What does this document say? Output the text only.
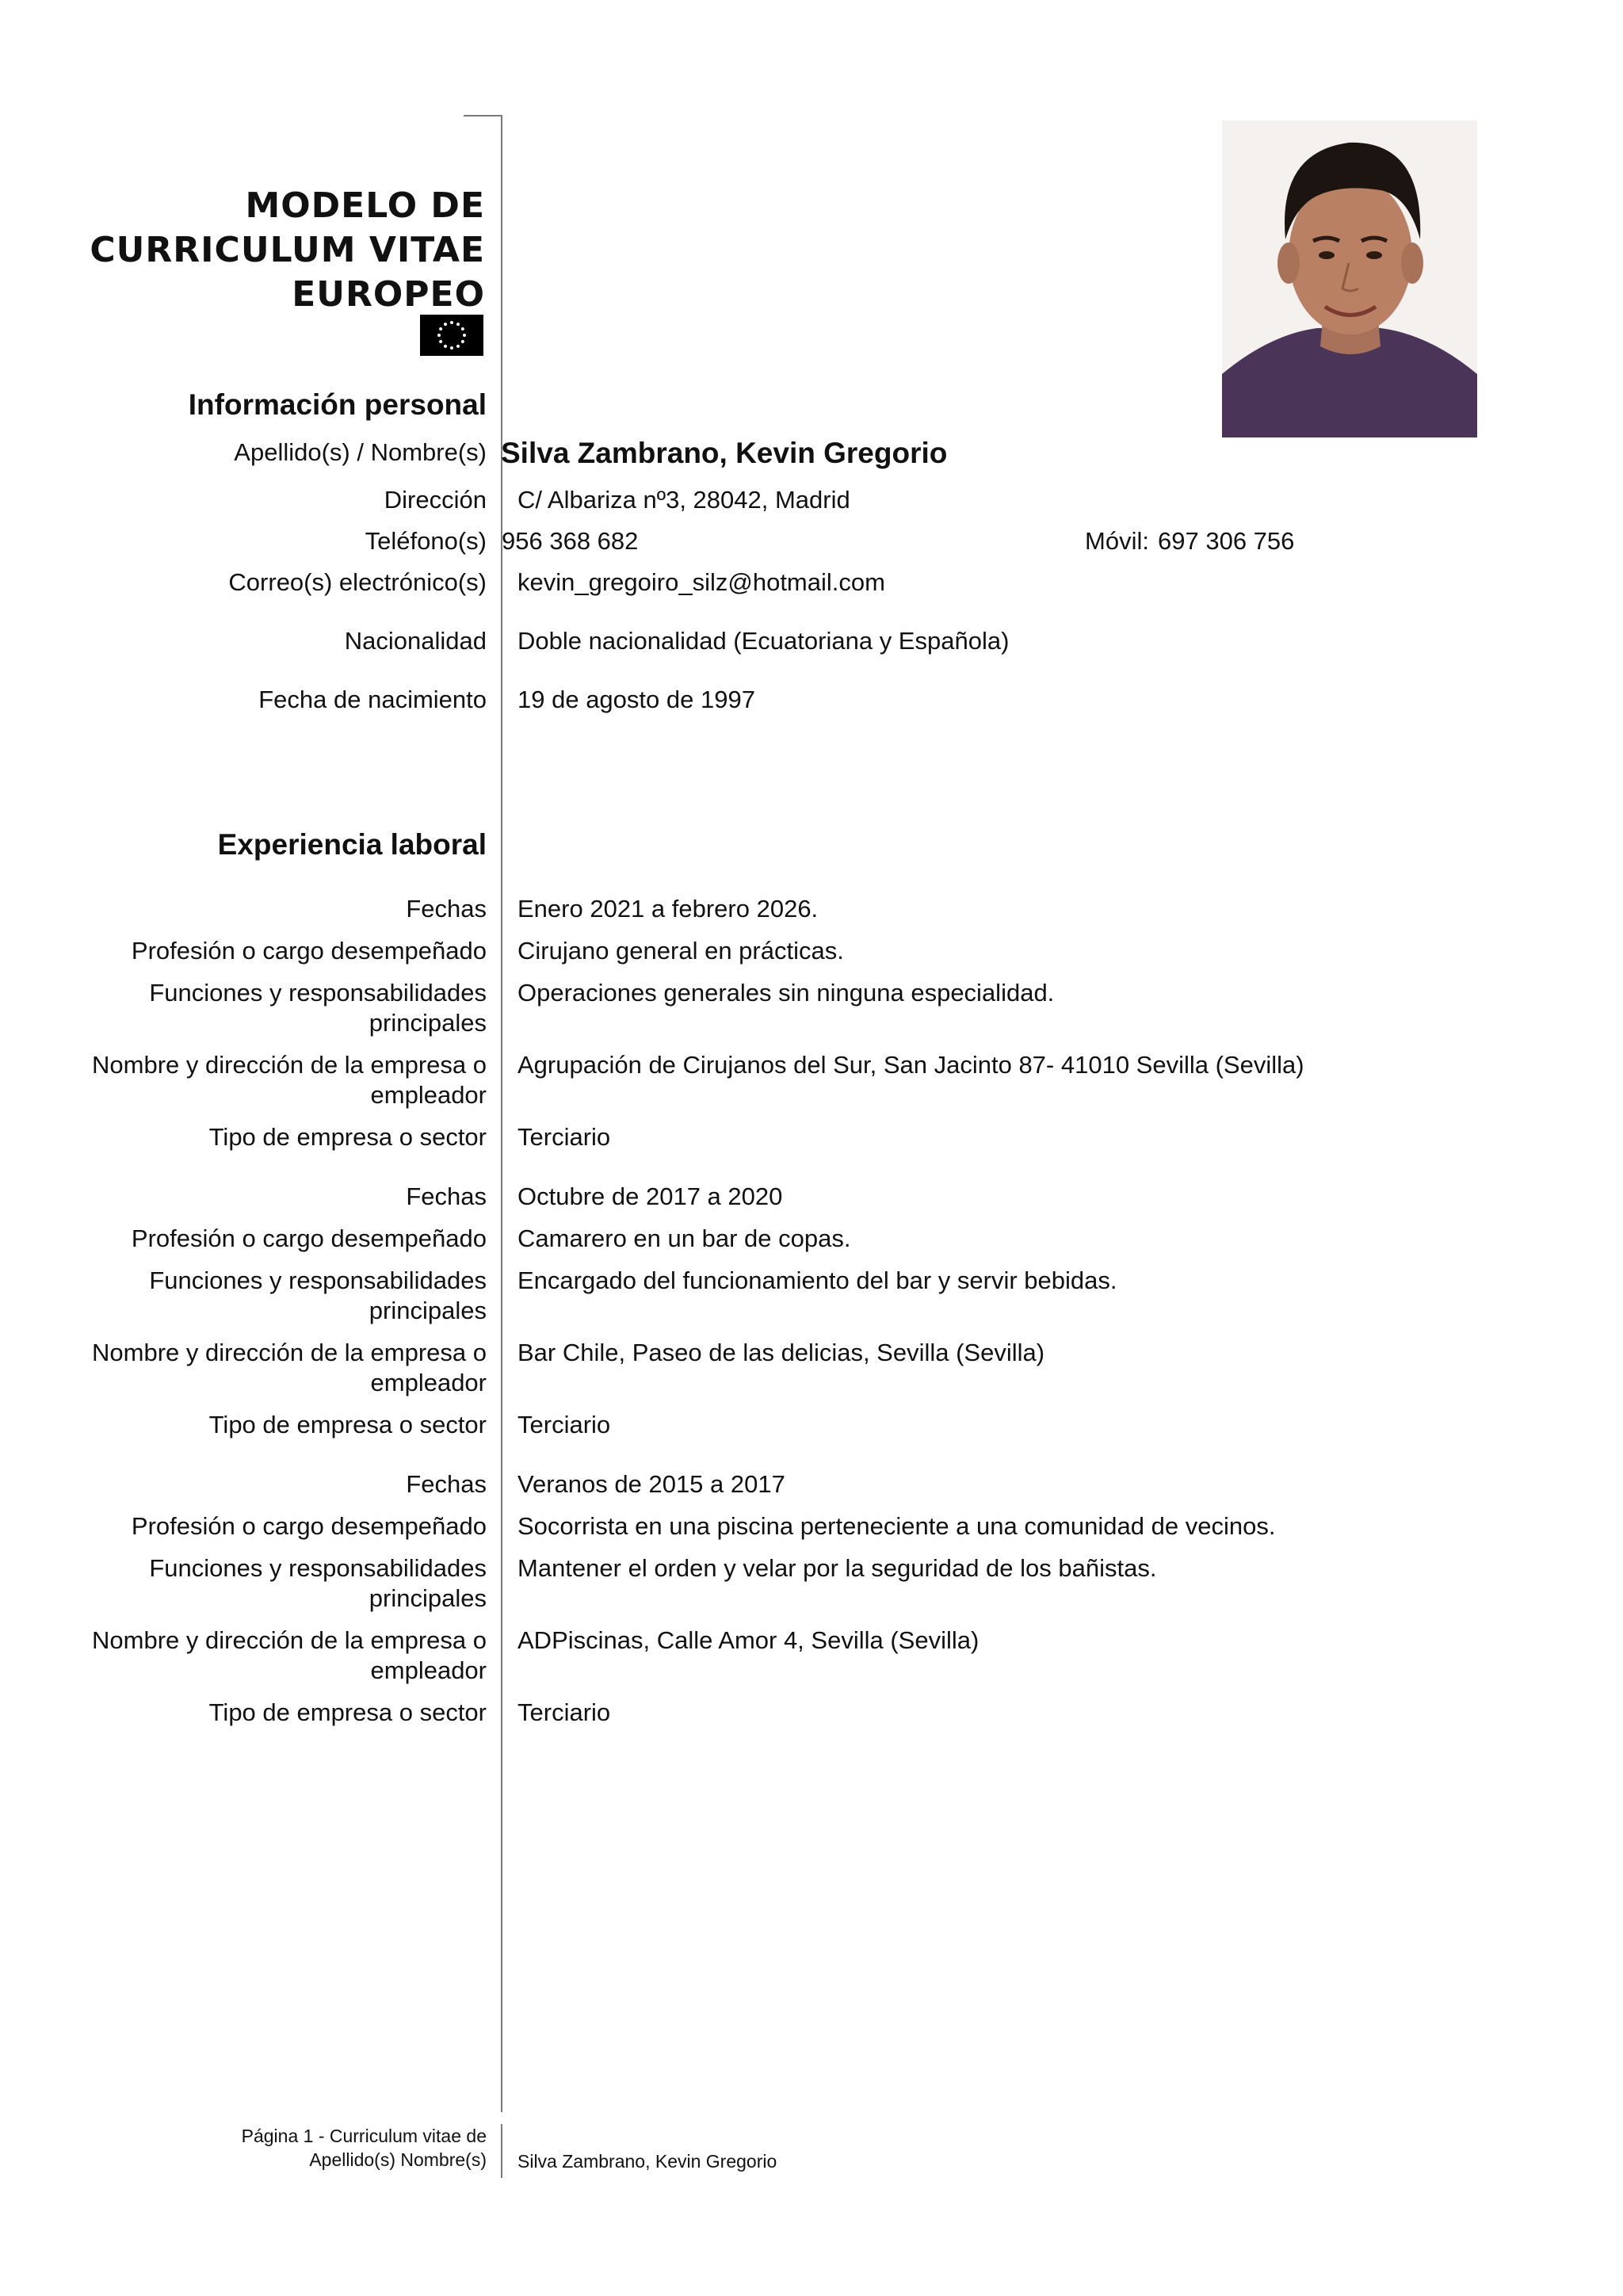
MODELO DE
CURRICULUM VITAE
EUROPEO
Información personal
Apellido(s) / Nombre(s) Silva Zambrano, Kevin Gregorio
Dirección C/ Albariza nº3, 28042, Madrid
Teléfono(s) 956 368 682	Móvil: 697 306 756
Correo(s) electrónico(s) kevin_gregoiro_silz@hotmail.com
Nacionalidad Doble nacionalidad (Ecuatoriana y Española)
Fecha de nacimiento 19 de agosto de 1997
Experiencia laboral
Fechas Enero 2021 a febrero 2026.
Profesión o cargo desempeñado Cirujano general en prácticas.
Funciones y responsabilidades
principales
Operaciones generales sin ninguna especialidad.
Nombre y dirección de la empresa o
empleador
Agrupación de Cirujanos del Sur, San Jacinto 87- 41010 Sevilla (Sevilla)
Tipo de empresa o sector Terciario
Fechas Octubre de 2017 a 2020
Profesión o cargo desempeñado Camarero en un bar de copas.
Funciones y responsabilidades
principales
Encargado del funcionamiento del bar y servir bebidas.
Nombre y dirección de la empresa o
empleador
Bar Chile, Paseo de las delicias, Sevilla (Sevilla)
Tipo de empresa o sector Terciario
Fechas Veranos de 2015 a 2017
Profesión o cargo desempeñado Socorrista en una piscina perteneciente a una comunidad de vecinos.
Funciones y responsabilidades
principales
Mantener el orden y velar por la seguridad de los bañistas.
Nombre y dirección de la empresa o
empleador
ADPiscinas, Calle Amor 4, Sevilla (Sevilla)
Tipo de empresa o sector Terciario
Página 1 - Curriculum vitae de
Apellido(s) Nombre(s) Silva Zambrano, Kevin Gregorio
